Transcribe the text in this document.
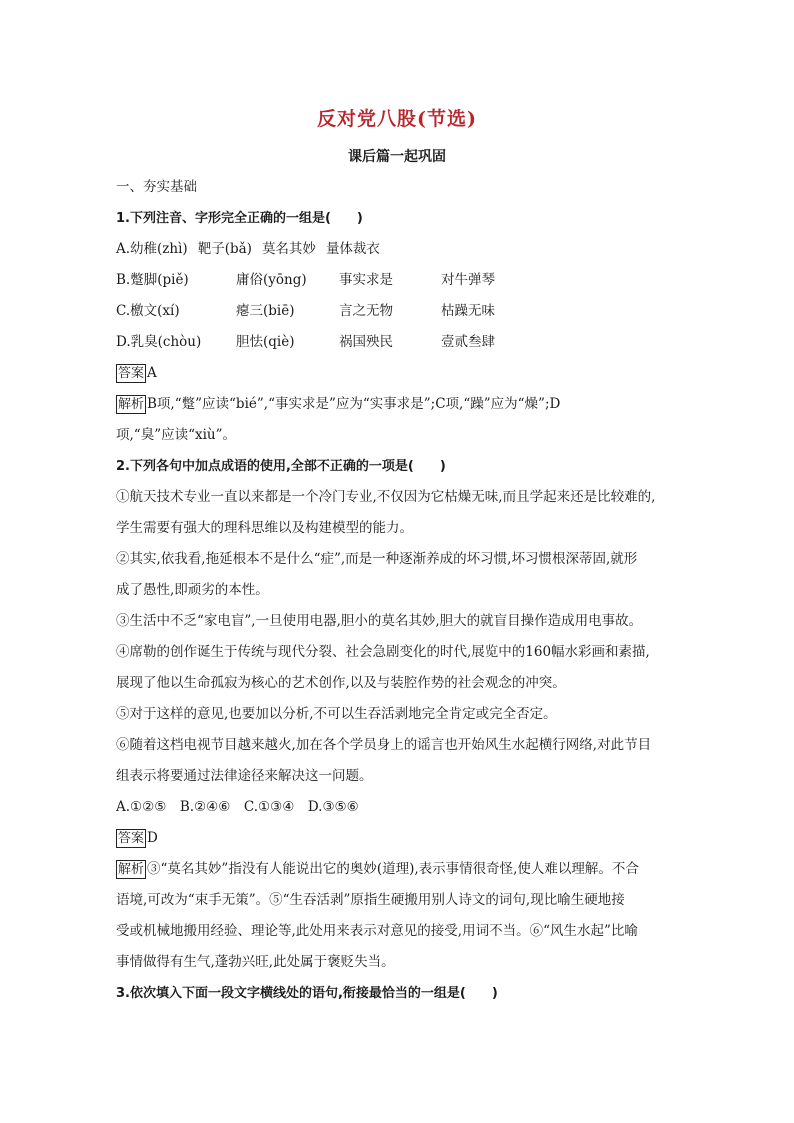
反对党八股(节选)
课后篇一起巩固
一、夯实基础
1.下列注音、字形完全正确的一组是(　　)
A.幼稚(zhì) 靶子(bǎ) 莫名其妙 量体裁衣
B.蹩脚(piě)	庸俗(yōng) 事实求是	对牛弹琴
C.檄文(xí)	瘪三(biē)	言之无物	枯躁无味
D.乳臭(chòu)	胆怯(qiè)	祸国殃民	壹贰叁肆
答案 A
解析 B项,“蹩”应读“bié”,“事实求是”应为“实事求是”;C项,“躁”应为“燥”;D
项,“臭”应读“xiù”。
2.下列各句中加点成语的使用,全部不正确的一项是(　　)
①航天技术专业一直以来都是一个冷门专业,不仅因为它枯燥无味,而且学起来还是比较难的,
学生需要有强大的理科思维以及构建模型的能力。
②其实,依我看,拖延根本不是什么“症”,而是一种逐渐养成的坏习惯,坏习惯根深蒂固,就形
成了愚性,即顽劣的本性。
③生活中不乏“家电盲”,一旦使用电器,胆小的莫名其妙,胆大的就盲目操作造成用电事故。
④席勒的创作诞生于传统与现代分裂、社会急剧变化的时代,展览中的160幅水彩画和素描,
展现了他以生命孤寂为核心的艺术创作,以及与装腔作势的社会观念的冲突。
⑤对于这样的意见,也要加以分析,不可以生吞活剥地完全肯定或完全否定。
⑥随着这档电视节目越来越火,加在各个学员身上的谣言也开始风生水起横行网络,对此节目
组表示将要通过法律途径来解决这一问题。
A.①②⑤　B.②④⑥　C.①③④　D.③⑤⑥
答案 D
解析 ③“莫名其妙”指没有人能说出它的奥妙(道理),表示事情很奇怪,使人难以理解。不合
语境,可改为“束手无策”。⑤“生吞活剥”原指生硬搬用别人诗文的词句,现比喻生硬地接
受或机械地搬用经验、理论等,此处用来表示对意见的接受,用词不当。⑥“风生水起”比喻
事情做得有生气,蓬勃兴旺,此处属于褒贬失当。
3.依次填入下面一段文字横线处的语句,衔接最恰当的一组是(　　)
